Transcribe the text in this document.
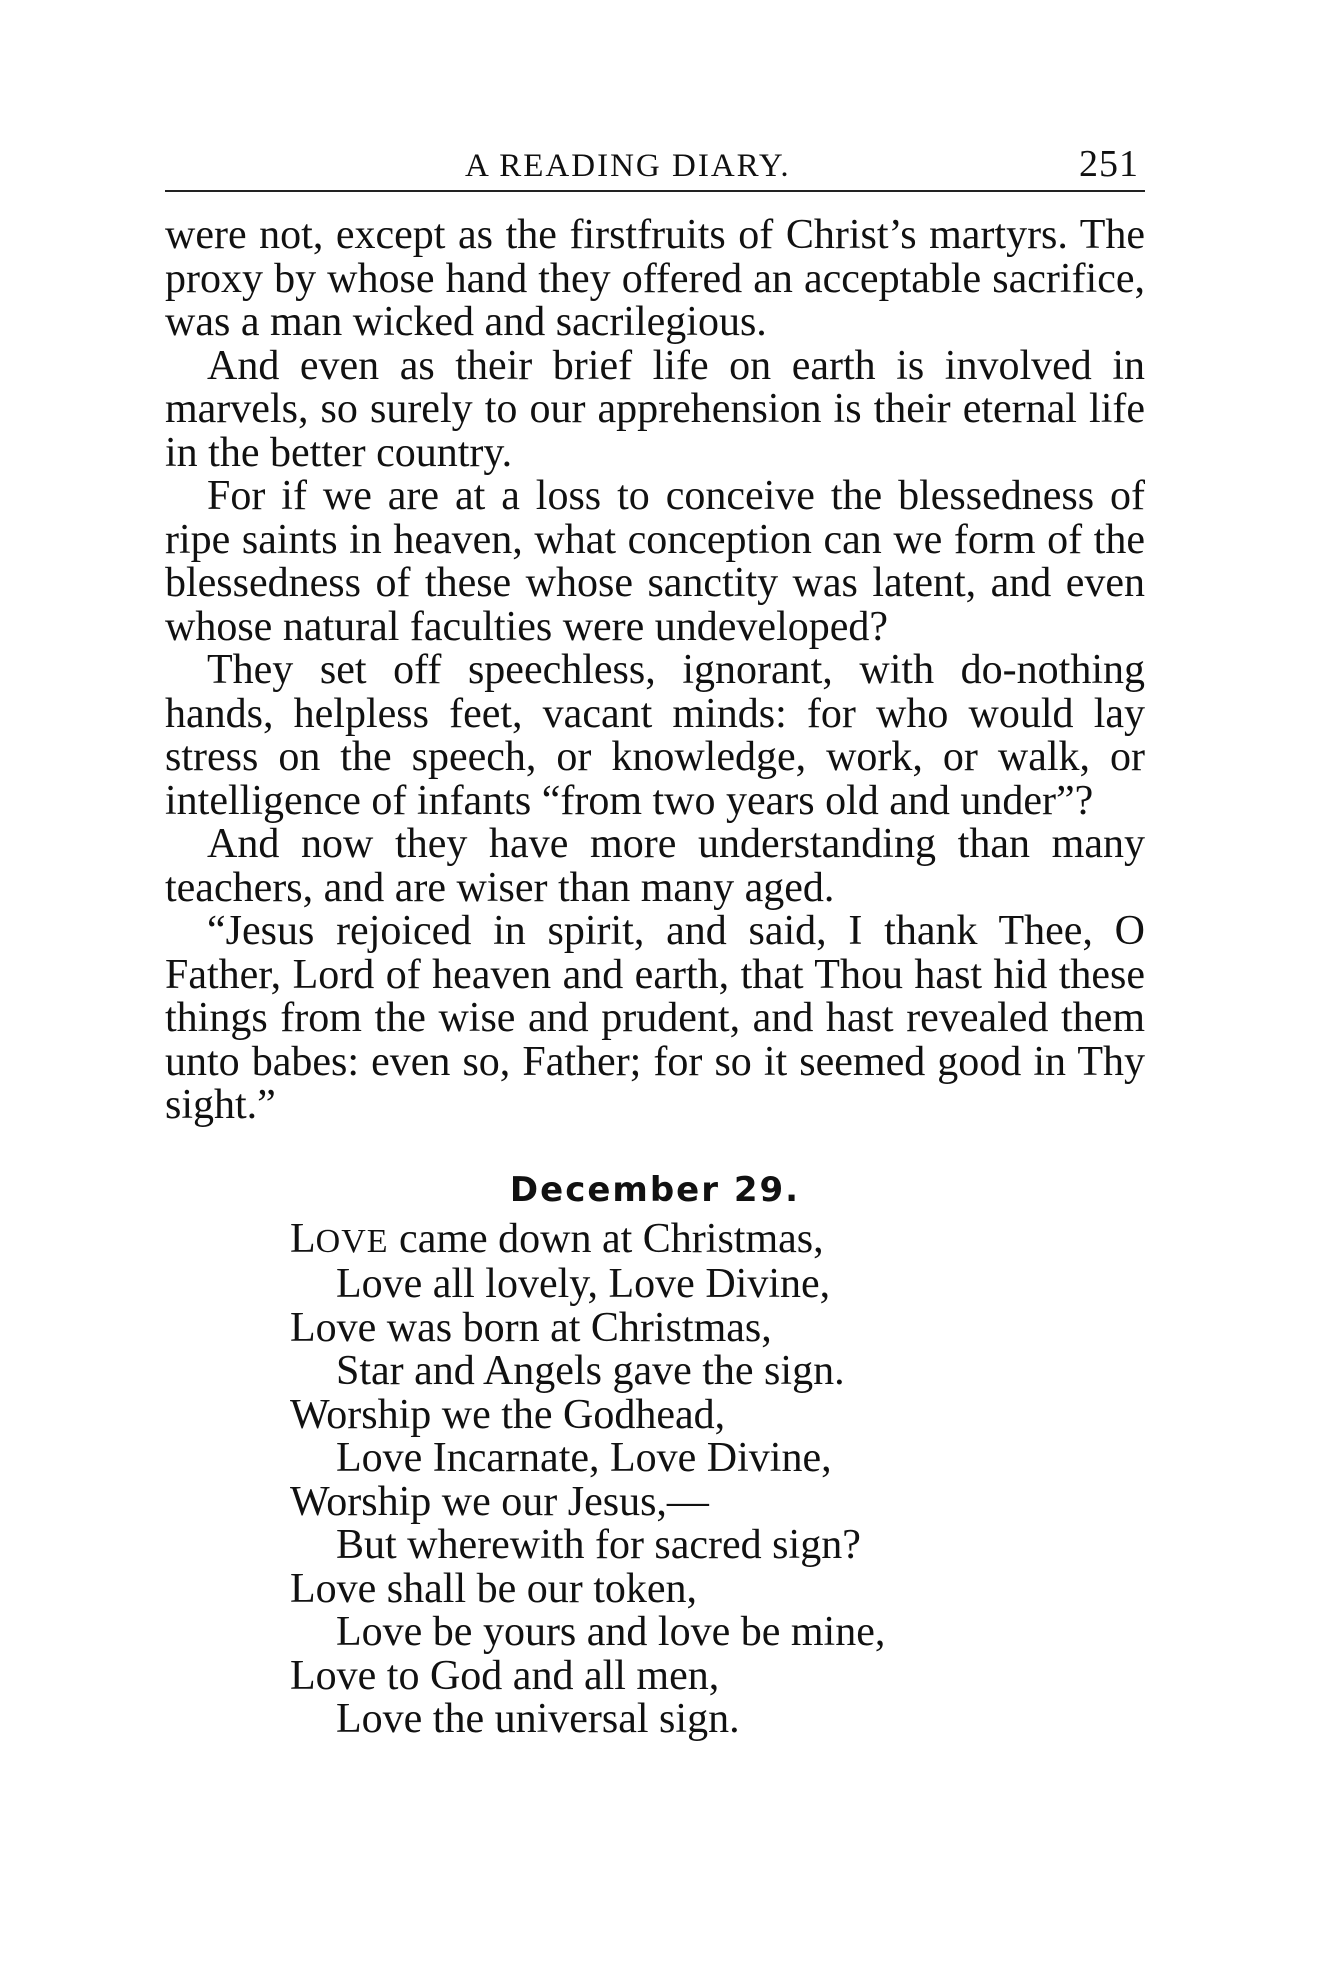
A READING DIARY.	251

were not, except as the firstfruits of Christ’s martyrs. The proxy by whose hand they offered an acceptable sacrifice, was a man wicked and sacrilegious.

And even as their brief life on earth is involved in marvels, so surely to our apprehension is their eternal life in the better country.

For if we are at a loss to conceive the blessedness of ripe saints in heaven, what conception can we form of the blessedness of these whose sanctity was latent, and even whose natural faculties were undeveloped?

They set off speechless, ignorant, with do-nothing hands, helpless feet, vacant minds: for who would lay stress on the speech, or knowledge, work, or walk, or intelligence of infants “from two years old and under”?

And now they have more understanding than many teachers, and are wiser than many aged.

“Jesus rejoiced in spirit, and said, I thank Thee, O Father, Lord of heaven and earth, that Thou hast hid these things from the wise and prudent, and hast revealed them unto babes: even so, Father; for so it seemed good in Thy sight.”

December 29.
LOVE came down at Christmas,
Love all lovely, Love Divine,
Love was born at Christmas,
Star and Angels gave the sign.
Worship we the Godhead,
Love Incarnate, Love Divine,
Worship we our Jesus,—
But wherewith for sacred sign?
Love shall be our token,
Love be yours and love be mine,
Love to God and all men,
Love the universal sign.
